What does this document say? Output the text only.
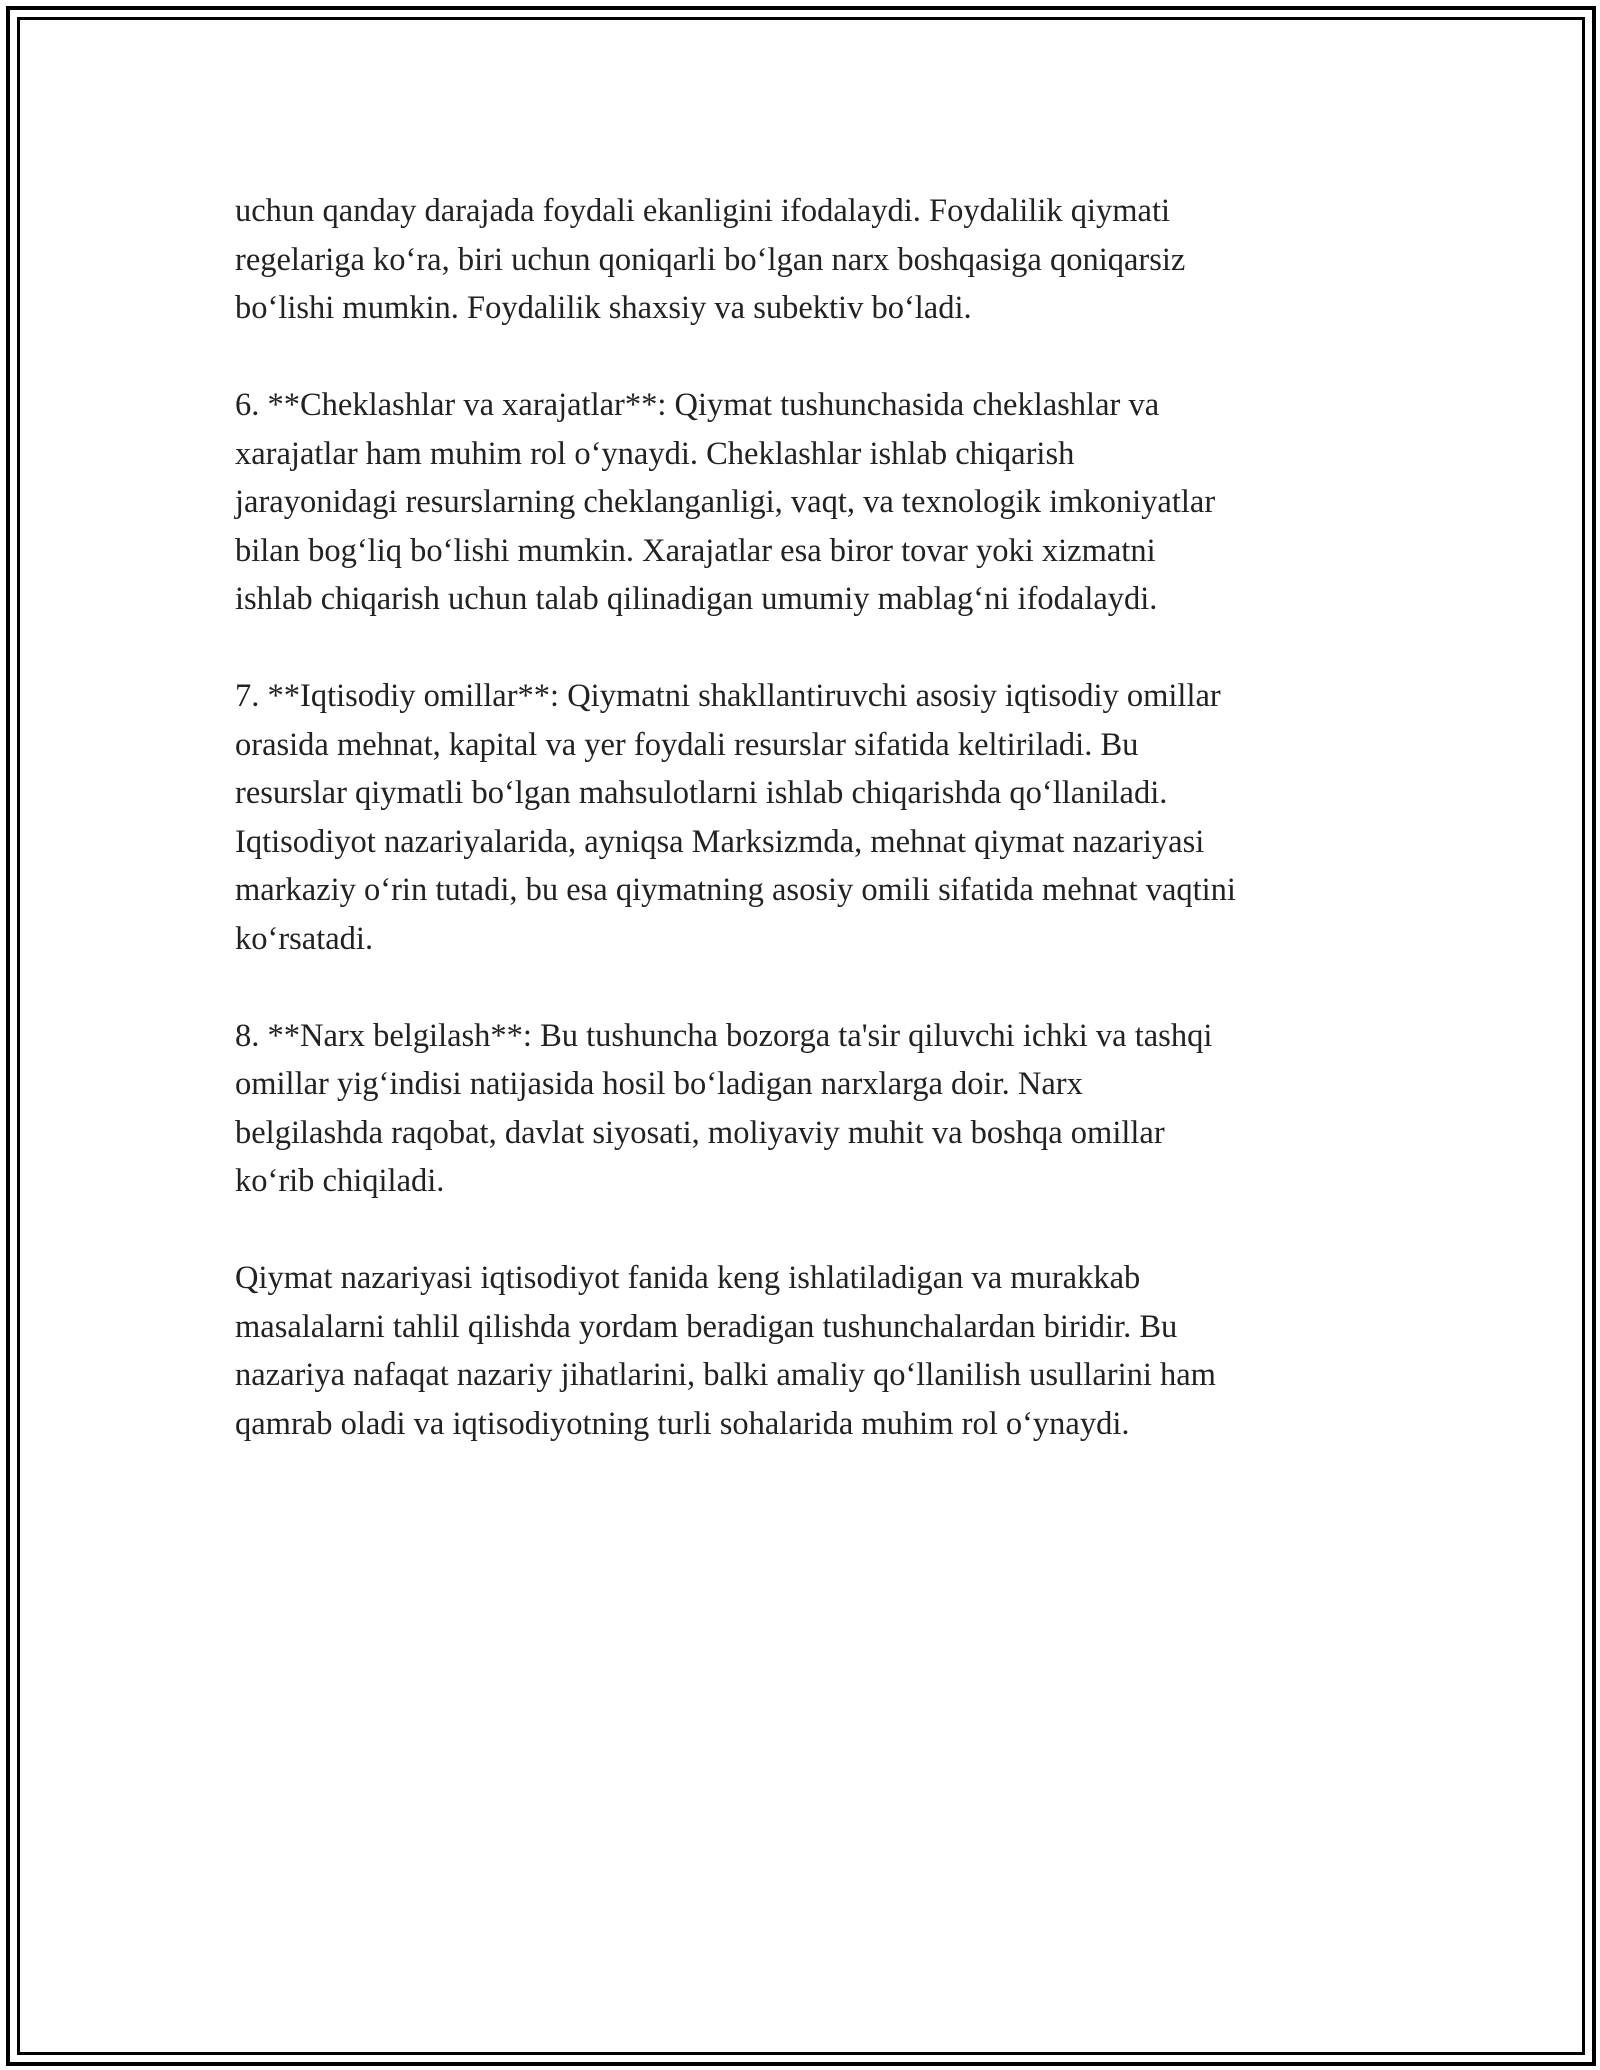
uchun qanday darajada foydali ekanligini ifodalaydi. Foydalilik qiymati
regelariga ko‘ra, biri uchun qoniqarli bo‘lgan narx boshqasiga qoniqarsiz
bo‘lishi mumkin. Foydalilik shaxsiy va subektiv bo‘ladi.

6. **Cheklashlar va xarajatlar**: Qiymat tushunchasida cheklashlar va
xarajatlar ham muhim rol o‘ynaydi. Cheklashlar ishlab chiqarish
jarayonidagi resurslarning cheklanganligi, vaqt, va texnologik imkoniyatlar
bilan bog‘liq bo‘lishi mumkin. Xarajatlar esa biror tovar yoki xizmatni
ishlab chiqarish uchun talab qilinadigan umumiy mablag‘ni ifodalaydi.

7. **Iqtisodiy omillar**: Qiymatni shakllantiruvchi asosiy iqtisodiy omillar
orasida mehnat, kapital va yer foydali resurslar sifatida keltiriladi. Bu
resurslar qiymatli bo‘lgan mahsulotlarni ishlab chiqarishda qo‘llaniladi.
Iqtisodiyot nazariyalarida, ayniqsa Marksizmda, mehnat qiymat nazariyasi
markaziy o‘rin tutadi, bu esa qiymatning asosiy omili sifatida mehnat vaqtini
ko‘rsatadi.

8. **Narx belgilash**: Bu tushuncha bozorga ta'sir qiluvchi ichki va tashqi
omillar yig‘indisi natijasida hosil bo‘ladigan narxlarga doir. Narx
belgilashda raqobat, davlat siyosati, moliyaviy muhit va boshqa omillar
ko‘rib chiqiladi.

Qiymat nazariyasi iqtisodiyot fanida keng ishlatiladigan va murakkab
masalalarni tahlil qilishda yordam beradigan tushunchalardan biridir. Bu
nazariya nafaqat nazariy jihatlarini, balki amaliy qo‘llanilish usullarini ham
qamrab oladi va iqtisodiyotning turli sohalarida muhim rol o‘ynaydi.
